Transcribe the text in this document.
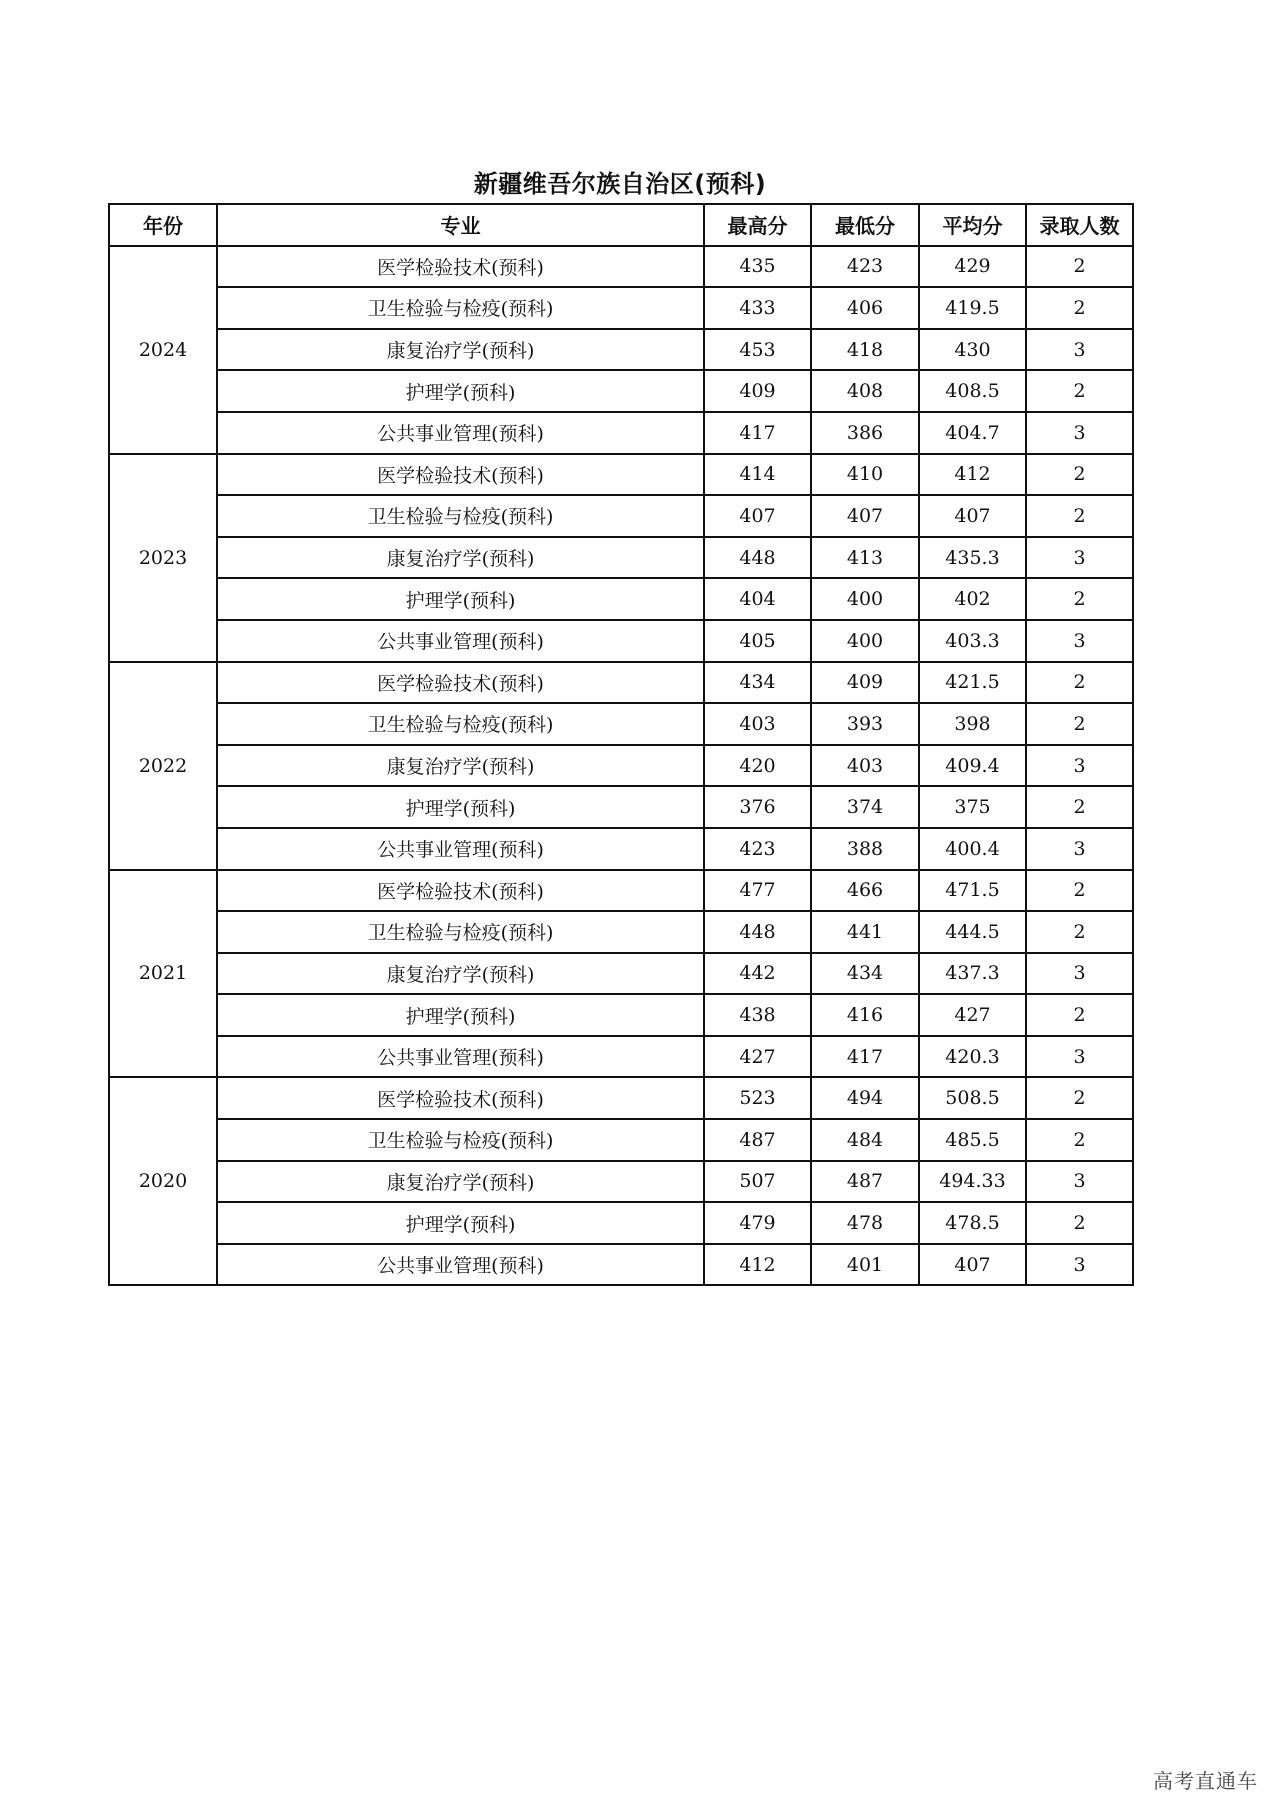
新疆维吾尔族自治区(预科)
年份	专业	最高分	最低分	平均分	录取人数
2024	医学检验技术(预科)	435	423	429	2
	卫生检验与检疫(预科)	433	406	419.5	2
	康复治疗学(预科)	453	418	430	3
	护理学(预科)	409	408	408.5	2
	公共事业管理(预科)	417	386	404.7	3
2023	医学检验技术(预科)	414	410	412	2
	卫生检验与检疫(预科)	407	407	407	2
	康复治疗学(预科)	448	413	435.3	3
	护理学(预科)	404	400	402	2
	公共事业管理(预科)	405	400	403.3	3
2022	医学检验技术(预科)	434	409	421.5	2
	卫生检验与检疫(预科)	403	393	398	2
	康复治疗学(预科)	420	403	409.4	3
	护理学(预科)	376	374	375	2
	公共事业管理(预科)	423	388	400.4	3
2021	医学检验技术(预科)	477	466	471.5	2
	卫生检验与检疫(预科)	448	441	444.5	2
	康复治疗学(预科)	442	434	437.3	3
	护理学(预科)	438	416	427	2
	公共事业管理(预科)	427	417	420.3	3
2020	医学检验技术(预科)	523	494	508.5	2
	卫生检验与检疫(预科)	487	484	485.5	2
	康复治疗学(预科)	507	487	494.33	3
	护理学(预科)	479	478	478.5	2
	公共事业管理(预科)	412	401	407	3
高考直通车
